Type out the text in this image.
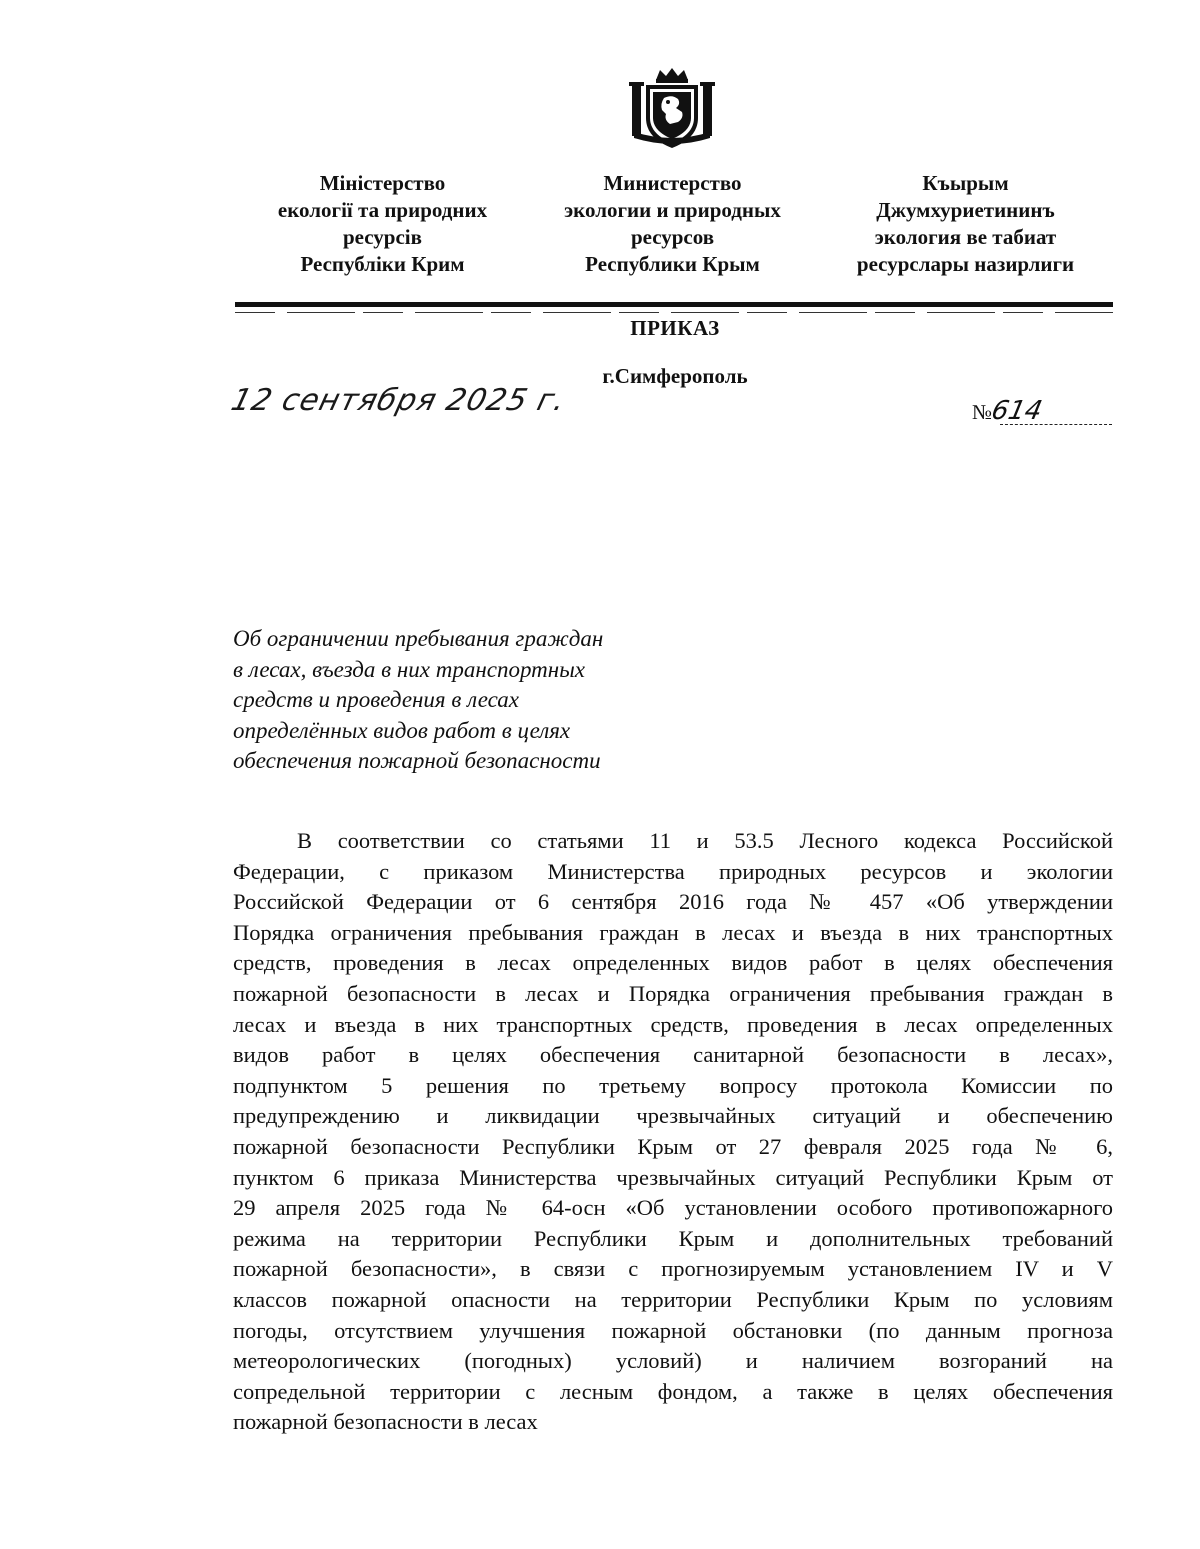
Міністерство
екології та природних
ресурсів
Республіки Крим
Министерство
экологии и природных
ресурсов
Республики Крым
Къырым
Джумхуриетининъ
экология ве табиат
ресурслары назирлиги
ПРИКАЗ
г.Симферополь
12 сентября 2025 г.	№614
Об ограничении пребывания граждан
в лесах, въезда в них транспортных
средств и проведения в лесах
определённых видов работ в целях
обеспечения пожарной безопасности
В соответствии со статьями 11 и 53.5 Лесного кодекса Российской
Федерации, с приказом Министерства природных ресурсов и экологии
Российской Федерации от 6 сентября 2016 года № 457 «Об утверждении
Порядка ограничения пребывания граждан в лесах и въезда в них транспортных
средств, проведения в лесах определенных видов работ в целях обеспечения
пожарной безопасности в лесах и Порядка ограничения пребывания граждан в
лесах и въезда в них транспортных средств, проведения в лесах определенных
видов работ в целях обеспечения санитарной безопасности в лесах»,
подпунктом 5 решения по третьему вопросу протокола Комиссии по
предупреждению и ликвидации чрезвычайных ситуаций и обеспечению
пожарной безопасности Республики Крым от 27 февраля 2025 года № 6,
пунктом 6 приказа Министерства чрезвычайных ситуаций Республики Крым от
29 апреля 2025 года № 64-осн «Об установлении особого противопожарного
режима на территории Республики Крым и дополнительных требований
пожарной безопасности», в связи с прогнозируемым установлением IV и V
классов пожарной опасности на территории Республики Крым по условиям
погоды, отсутствием улучшения пожарной обстановки (по данным прогноза
метеорологических (погодных) условий) и наличием возгораний на
сопредельной территории с лесным фондом, а также в целях обеспечения
пожарной безопасности в лесах
